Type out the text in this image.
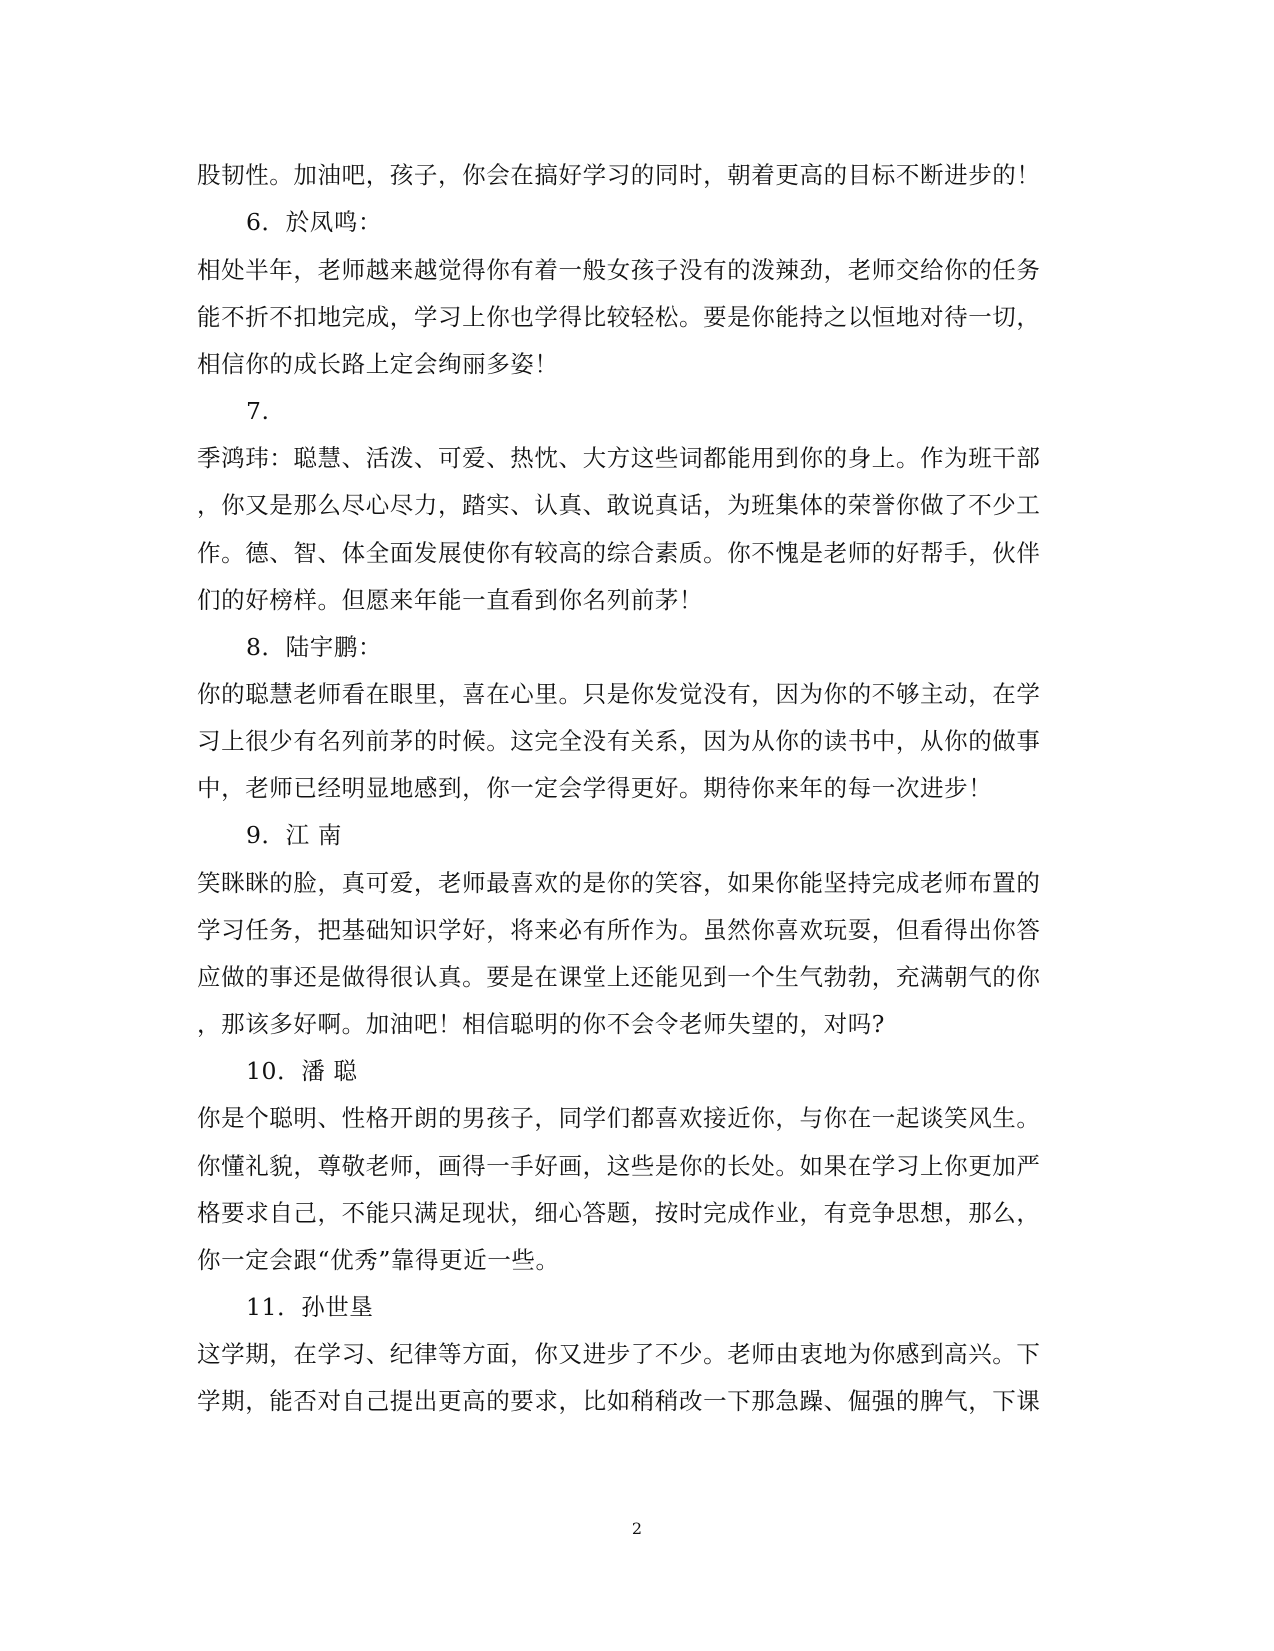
股韧性。加油吧，孩子，你会在搞好学习的同时，朝着更高的目标不断进步的！
6．於凤鸣：
相处半年，老师越来越觉得你有着一般女孩子没有的泼辣劲，老师交给你的任务
能不折不扣地完成，学习上你也学得比较轻松。要是你能持之以恒地对待一切，
相信你的成长路上定会绚丽多姿！
7.
季鸿玮：聪慧、活泼、可爱、热忱、大方这些词都能用到你的身上。作为班干部
，你又是那么尽心尽力，踏实、认真、敢说真话，为班集体的荣誉你做了不少工
作。德、智、体全面发展使你有较高的综合素质。你不愧是老师的好帮手，伙伴
们的好榜样。但愿来年能一直看到你名列前茅！
8．陆宇鹏：
你的聪慧老师看在眼里，喜在心里。只是你发觉没有，因为你的不够主动，在学
习上很少有名列前茅的时候。这完全没有关系，因为从你的读书中，从你的做事
中，老师已经明显地感到，你一定会学得更好。期待你来年的每一次进步！
9．江 南
笑眯眯的脸，真可爱，老师最喜欢的是你的笑容，如果你能坚持完成老师布置的
学习任务，把基础知识学好，将来必有所作为。虽然你喜欢玩耍，但看得出你答
应做的事还是做得很认真。要是在课堂上还能见到一个生气勃勃，充满朝气的你
，那该多好啊。加油吧！相信聪明的你不会令老师失望的，对吗?
10．潘 聪
你是个聪明、性格开朗的男孩子，同学们都喜欢接近你，与你在一起谈笑风生。
你懂礼貌，尊敬老师，画得一手好画，这些是你的长处。如果在学习上你更加严
格要求自己，不能只满足现状，细心答题，按时完成作业，有竞争思想，那么，
你一定会跟“优秀”靠得更近一些。
11．孙世垦
这学期，在学习、纪律等方面，你又进步了不少。老师由衷地为你感到高兴。下
学期，能否对自己提出更高的要求，比如稍稍改一下那急躁、倔强的脾气，下课
2
